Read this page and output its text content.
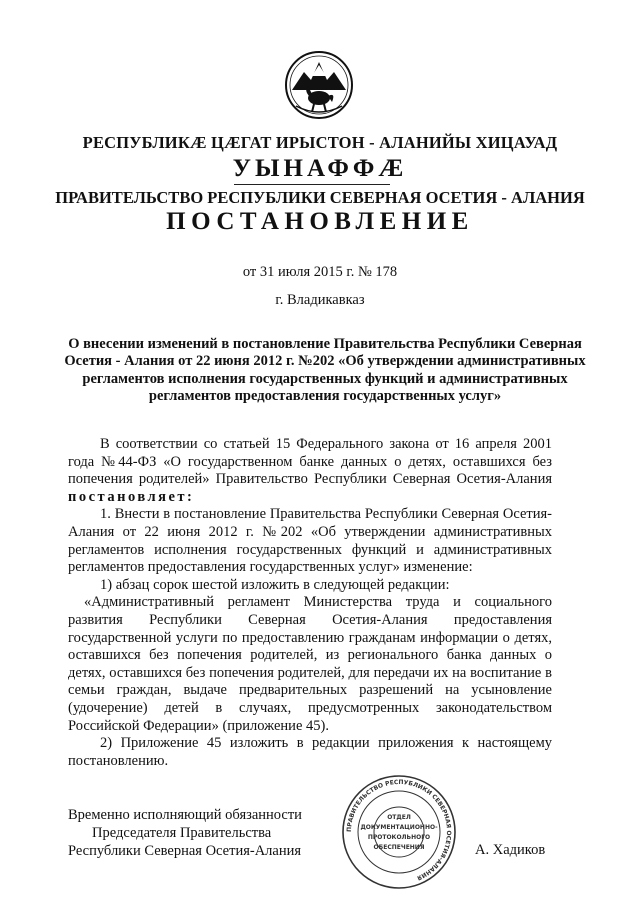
РЕСПУБЛИКӔ ЦӔГАТ ИРЫСТОН - АЛАНИЙЫ ХИЦАУАД
УЫНАФФӔ
ПРАВИТЕЛЬСТВО РЕСПУБЛИКИ СЕВЕРНАЯ ОСЕТИЯ - АЛАНИЯ
ПОСТАНОВЛЕНИЕ
от 31 июля 2015 г. № 178
г. Владикавказ
О внесении изменений в постановление Правительства Республики Северная Осетия - Алания от 22 июня 2012 г. №202 «Об утверждении административных регламентов исполнения государственных функций и административных регламентов предоставления государственных услуг»

В соответствии со статьей 15 Федерального закона от 16 апреля 2001 года №44-ФЗ «О государственном банке данных о детях, оставшихся без попечения родителей» Правительство Республики Северная Осетия-Алания постановляет:

1. Внести в постановление Правительства Республики Северная Осетия-Алания от 22 июня 2012 г. №202 «Об утверждении административных регламентов исполнения государственных функций и административных регламентов предоставления государственных услуг» изменение:

1) абзац сорок шестой изложить в следующей редакции:

«Административный регламент Министерства труда и социального развития Республики Северная Осетия-Алания предоставления государственной услуги по предоставлению гражданам информации о детях, оставшихся без попечения родителей, из регионального банка данных о детях, оставшихся без попечения родителей, для передачи их на воспитание в семьи граждан, выдаче предварительных разрешений на усыновление (удочерение) детей в случаях, предусмотренных законодательством Российской Федерации» (приложение 45).

2) Приложение 45 изложить в редакции приложения к настоящему постановлению.

ПРАВИТЕЛЬСТВО РЕСПУБЛИКИ СЕВЕРНАЯ ОСЕТИЯ-АЛАНИЯ
ОТДЕЛ
ДОКУМЕНТАЦИОННО-
ПРОТОКОЛЬНОГО
ОБЕСПЕЧЕНИЯ
Временно исполняющий обязанности
Председателя Правительства
Республики Северная Осетия-Алания	А. Хадиков
